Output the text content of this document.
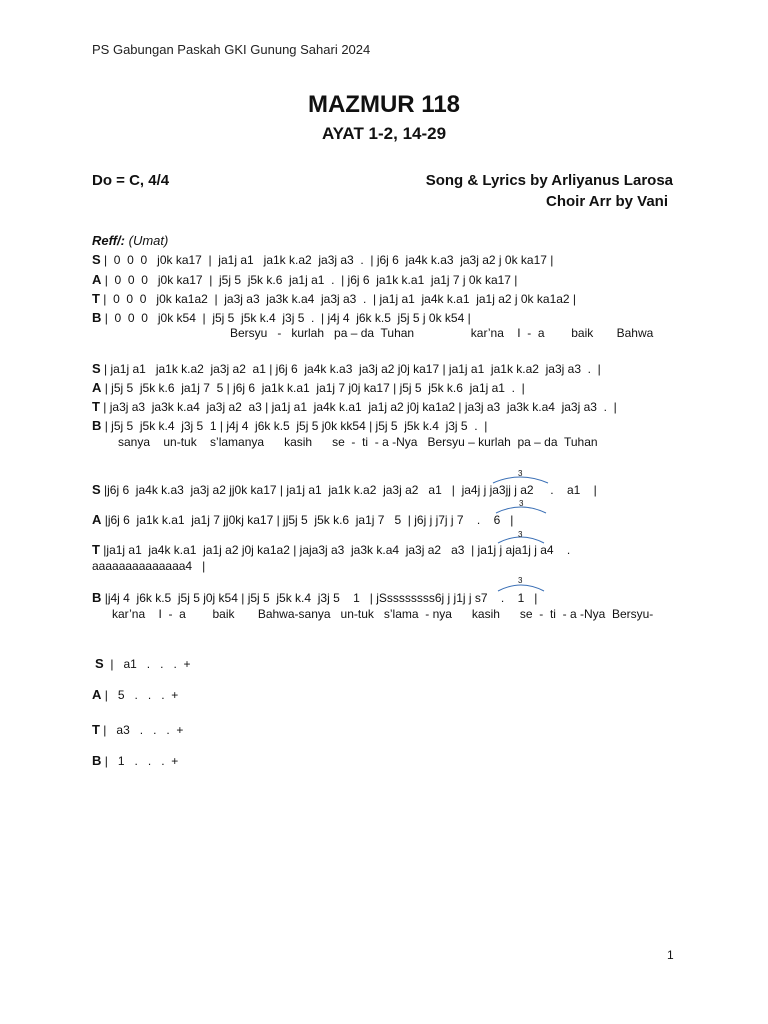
PS Gabungan Paskah GKI Gunung Sahari 2024
MAZMUR 118
AYAT 1-2, 14-29
Do = C, 4/4	Song & Lyrics by Arliyanus Larosa
Choir Arr by Vani
Reff/: (Umat)
S |  0  0  0   j0k ka17  |  ja1j a1   ja1k k.a2  ja3j a3  .  | j6j 6  ja4k k.a3  ja3j a2 j 0k ka17 |
A |  0  0  0   j0k ka17  |  j5j 5  j5k k.6  ja1j a1  .  | j6j 6  ja1k k.a1  ja1j 7 j 0k ka17 |
T |  0  0  0   j0k ka1a2  |  ja3j a3  ja3k k.a4  ja3j a3  .  | ja1j a1  ja4k k.a1  ja1j a2 j 0k ka1a2 |
B |  0  0  0   j0k k54  |  j5j 5  j5k k.4  j3j 5  .  | j4j 4  j6k k.5  j5j 5 j 0k k54 |
Bersyu   -   kurlah   pa – da  Tuhan                 kar’na    I  -  a        baik       Bahwa
S | ja1j a1   ja1k k.a2  ja3j a2  a1 | j6j 6  ja4k k.a3  ja3j a2 j0j ka17 | ja1j a1  ja1k k.a2  ja3j a3  .  |
A | j5j 5  j5k k.6  ja1j 7  5 | j6j 6  ja1k k.a1  ja1j 7 j0j ka17 | j5j 5  j5k k.6  ja1j a1  .  |
T | ja3j a3  ja3k k.a4  ja3j a2  a3 | ja1j a1  ja4k k.a1  ja1j a2 j0j ka1a2 | ja3j a3  ja3k k.a4  ja3j a3  .  |
B | j5j 5  j5k k.4  j3j 5  1 | j4j 4  j6k k.5  j5j 5 j0k kk54 | j5j 5  j5k k.4  j3j 5  .  |
sanya    un-tuk    s’lamanya      kasih      se  -  ti  - a -Nya   Bersyu – kurlah  pa – da  Tuhan
S |j6j 6  ja4k k.a3  ja3j a2 jj0k ka17 | ja1j a1  ja1k k.a2  ja3j a2   a1   |  ja4j j ja3jj j a2     .    a1    |
A |j6j 6  ja1k k.a1  ja1j 7 jj0kj ka17 | jj5j 5  j5k k.6  ja1j 7   5  | j6j j j7j j 7    .    6   |
T |ja1j a1  ja4k k.a1  ja1j a2 j0j ka1a2 | jaja3j a3  ja3k k.a4  ja3j a2   a3  | ja1j j aja1j j a4    .
aaaaaaaaaaaaaa4   |
B |j4j 4  j6k k.5  j5j 5 j0j k54 | j5j 5  j5k k.4  j3j 5    1   | jSssssssss6j j j1j j s7    .    1   |
kar’na    I  -  a        baik       Bahwa-sanya   un-tuk   s’lama  - nya      kasih      se  -  ti  - a -Nya  Bersyu-
3
3
3
3
S  |   a1   .   .   .  +
A |   5   .   .   .  +
T |   a3   .   .   .  +
B |   1   .   .   .  +
1
